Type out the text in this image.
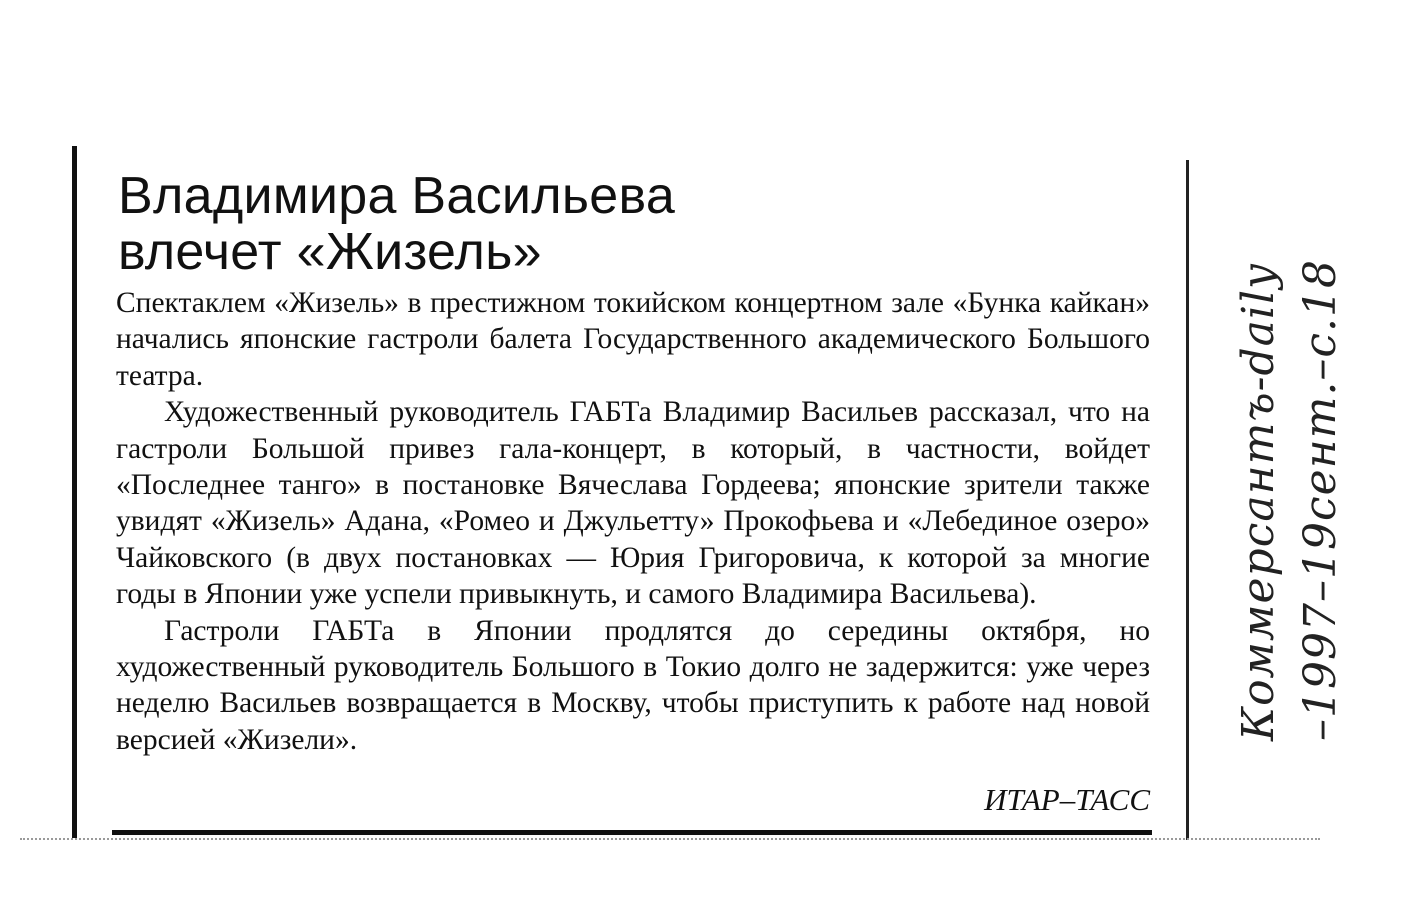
Владимира Васильева
влечет «Жизель»

Спектаклем «Жизель» в престижном токийском концертном зале «Бунка кайкан» начались японские гастроли балета Государственного академического Большого театра.

Художественный руководитель ГАБТа Владимир Васильев рассказал, что на гастроли Большой привез гала-концерт, в который, в частности, войдет «Последнее танго» в постановке Вячеслава Гордеева; японские зрители также увидят «Жизель» Адана, «Ромео и Джульетту» Прокофьева и «Лебединое озеро» Чайковского (в двух постановках — Юрия Григоровича, к которой за многие годы в Японии уже успели привыкнуть, и самого Владимира Васильева).

Гастроли ГАБТа в Японии продлятся до середины октября, но художественный руководитель Большого в Токио долго не задержится: уже через неделю Васильев возвращается в Москву, чтобы приступить к работе над новой версией «Жизели».

ИТАР–ТАСС
Коммерсантъ-daily –1997–19сент.–с.18
